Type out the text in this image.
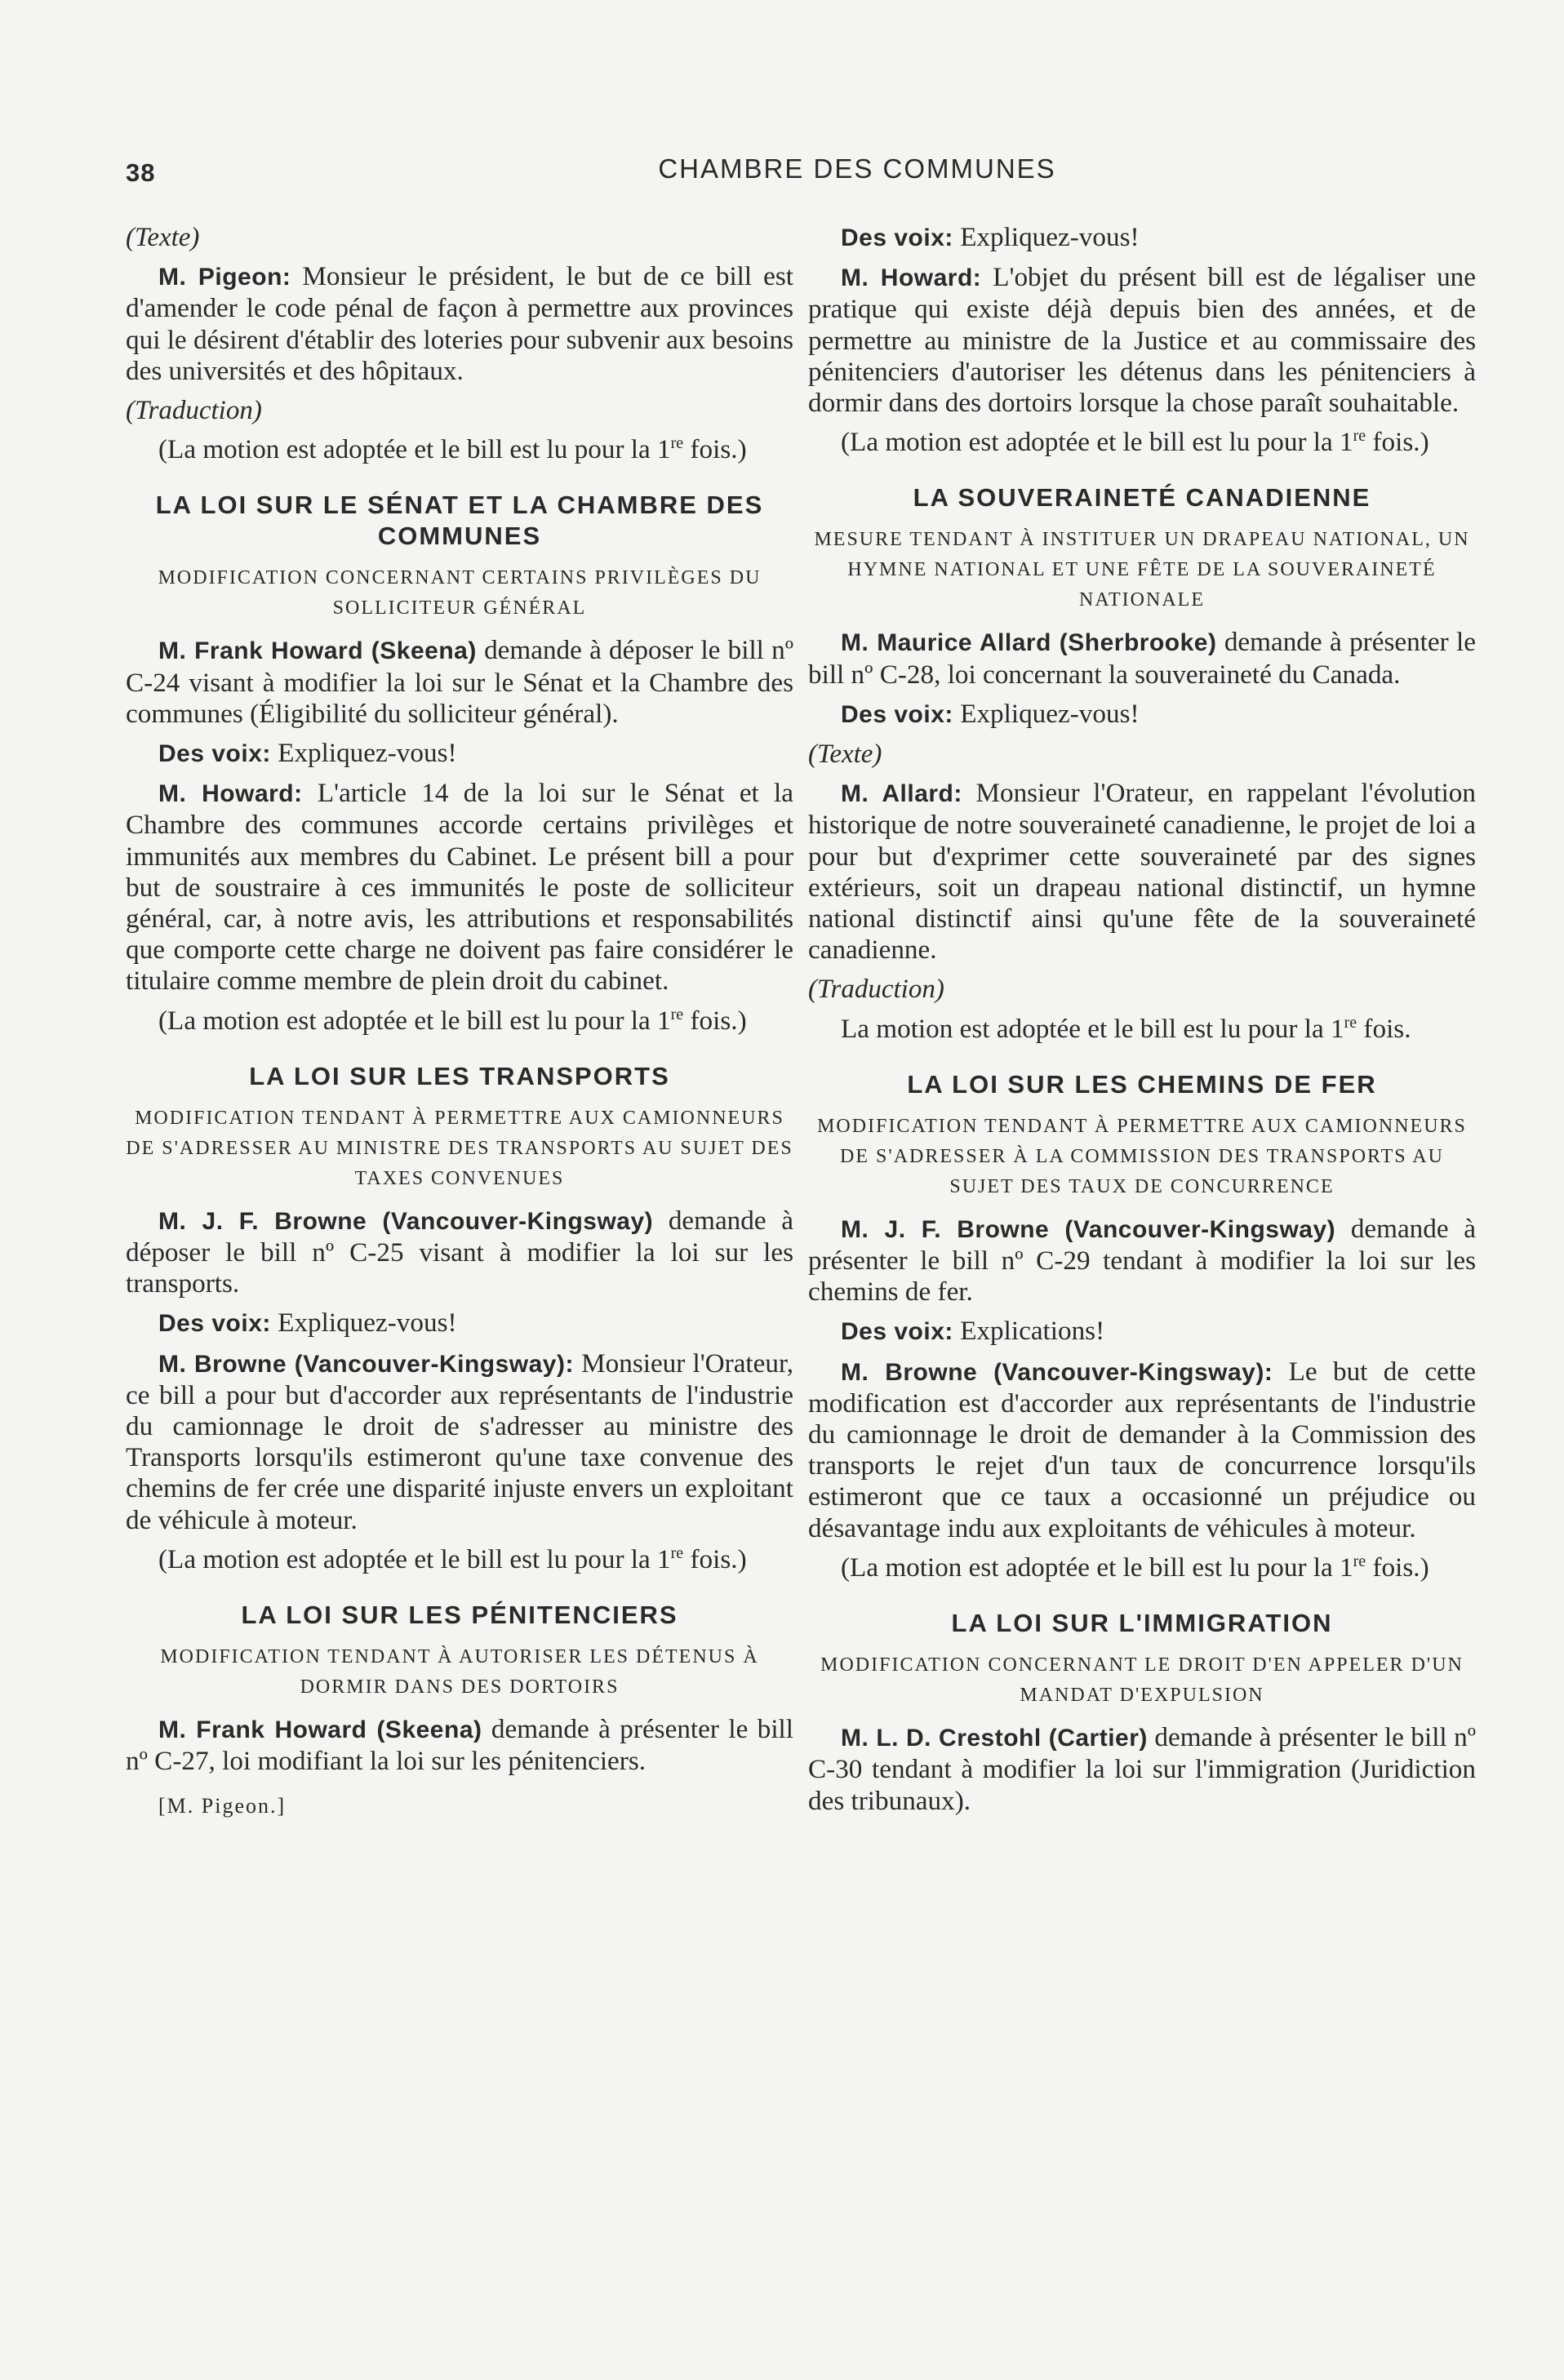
38	CHAMBRE DES COMMUNES
(Texte)

M. Pigeon: Monsieur le président, le but de ce bill est d'amender le code pénal de façon à permettre aux provinces qui le désirent d'établir des loteries pour subvenir aux besoins des universités et des hôpitaux.

(Traduction)

(La motion est adoptée et le bill est lu pour la 1re fois.)

LA LOI SUR LE SÉNAT ET LA CHAMBRE DES COMMUNES
MODIFICATION CONCERNANT CERTAINS PRIVILÈGES DU SOLLICITEUR GÉNÉRAL

M. Frank Howard (Skeena) demande à déposer le bill nº C-24 visant à modifier la loi sur le Sénat et la Chambre des communes (Éligibilité du solliciteur général).

Des voix: Expliquez-vous!

M. Howard: L'article 14 de la loi sur le Sénat et la Chambre des communes accorde certains privilèges et immunités aux membres du Cabinet. Le présent bill a pour but de soustraire à ces immunités le poste de solliciteur général, car, à notre avis, les attributions et responsabilités que comporte cette charge ne doivent pas faire considérer le titulaire comme membre de plein droit du cabinet.

(La motion est adoptée et le bill est lu pour la 1re fois.)

LA LOI SUR LES TRANSPORTS
MODIFICATION TENDANT À PERMETTRE AUX CAMIONNEURS DE S'ADRESSER AU MINISTRE DES TRANSPORTS AU SUJET DES TAXES CONVENUES

M. J. F. Browne (Vancouver-Kingsway) demande à déposer le bill nº C-25 visant à modifier la loi sur les transports.

Des voix: Expliquez-vous!

M. Browne (Vancouver-Kingsway): Monsieur l'Orateur, ce bill a pour but d'accorder aux représentants de l'industrie du camionnage le droit de s'adresser au ministre des Transports lorsqu'ils estimeront qu'une taxe convenue des chemins de fer crée une disparité injuste envers un exploitant de véhicule à moteur.

(La motion est adoptée et le bill est lu pour la 1re fois.)

LA LOI SUR LES PÉNITENCIERS
MODIFICATION TENDANT À AUTORISER LES DÉTENUS À DORMIR DANS DES DORTOIRS

M. Frank Howard (Skeena) demande à présenter le bill nº C-27, loi modifiant la loi sur les pénitenciers.

[M. Pigeon.]

Des voix: Expliquez-vous!

M. Howard: L'objet du présent bill est de légaliser une pratique qui existe déjà depuis bien des années, et de permettre au ministre de la Justice et au commissaire des pénitenciers d'autoriser les détenus dans les pénitenciers à dormir dans des dortoirs lorsque la chose paraît souhaitable.

(La motion est adoptée et le bill est lu pour la 1re fois.)

LA SOUVERAINETÉ CANADIENNE
MESURE TENDANT À INSTITUER UN DRAPEAU NATIONAL, UN HYMNE NATIONAL ET UNE FÊTE DE LA SOUVERAINETÉ NATIONALE

M. Maurice Allard (Sherbrooke) demande à présenter le bill nº C-28, loi concernant la souveraineté du Canada.

Des voix: Expliquez-vous!

(Texte)

M. Allard: Monsieur l'Orateur, en rappelant l'évolution historique de notre souveraineté canadienne, le projet de loi a pour but d'exprimer cette souveraineté par des signes extérieurs, soit un drapeau national distinctif, un hymne national distinctif ainsi qu'une fête de la souveraineté canadienne.

(Traduction)

La motion est adoptée et le bill est lu pour la 1re fois.

LA LOI SUR LES CHEMINS DE FER
MODIFICATION TENDANT À PERMETTRE AUX CAMIONNEURS DE S'ADRESSER À LA COMMISSION DES TRANSPORTS AU SUJET DES TAUX DE CONCURRENCE

M. J. F. Browne (Vancouver-Kingsway) demande à présenter le bill nº C-29 tendant à modifier la loi sur les chemins de fer.

Des voix: Explications!

M. Browne (Vancouver-Kingsway): Le but de cette modification est d'accorder aux représentants de l'industrie du camionnage le droit de demander à la Commission des transports le rejet d'un taux de concurrence lorsqu'ils estimeront que ce taux a occasionné un préjudice ou désavantage indu aux exploitants de véhicules à moteur.

(La motion est adoptée et le bill est lu pour la 1re fois.)

LA LOI SUR L'IMMIGRATION
MODIFICATION CONCERNANT LE DROIT D'EN APPELER D'UN MANDAT D'EXPULSION

M. L. D. Crestohl (Cartier) demande à présenter le bill nº C-30 tendant à modifier la loi sur l'immigration (Juridiction des tribunaux).
